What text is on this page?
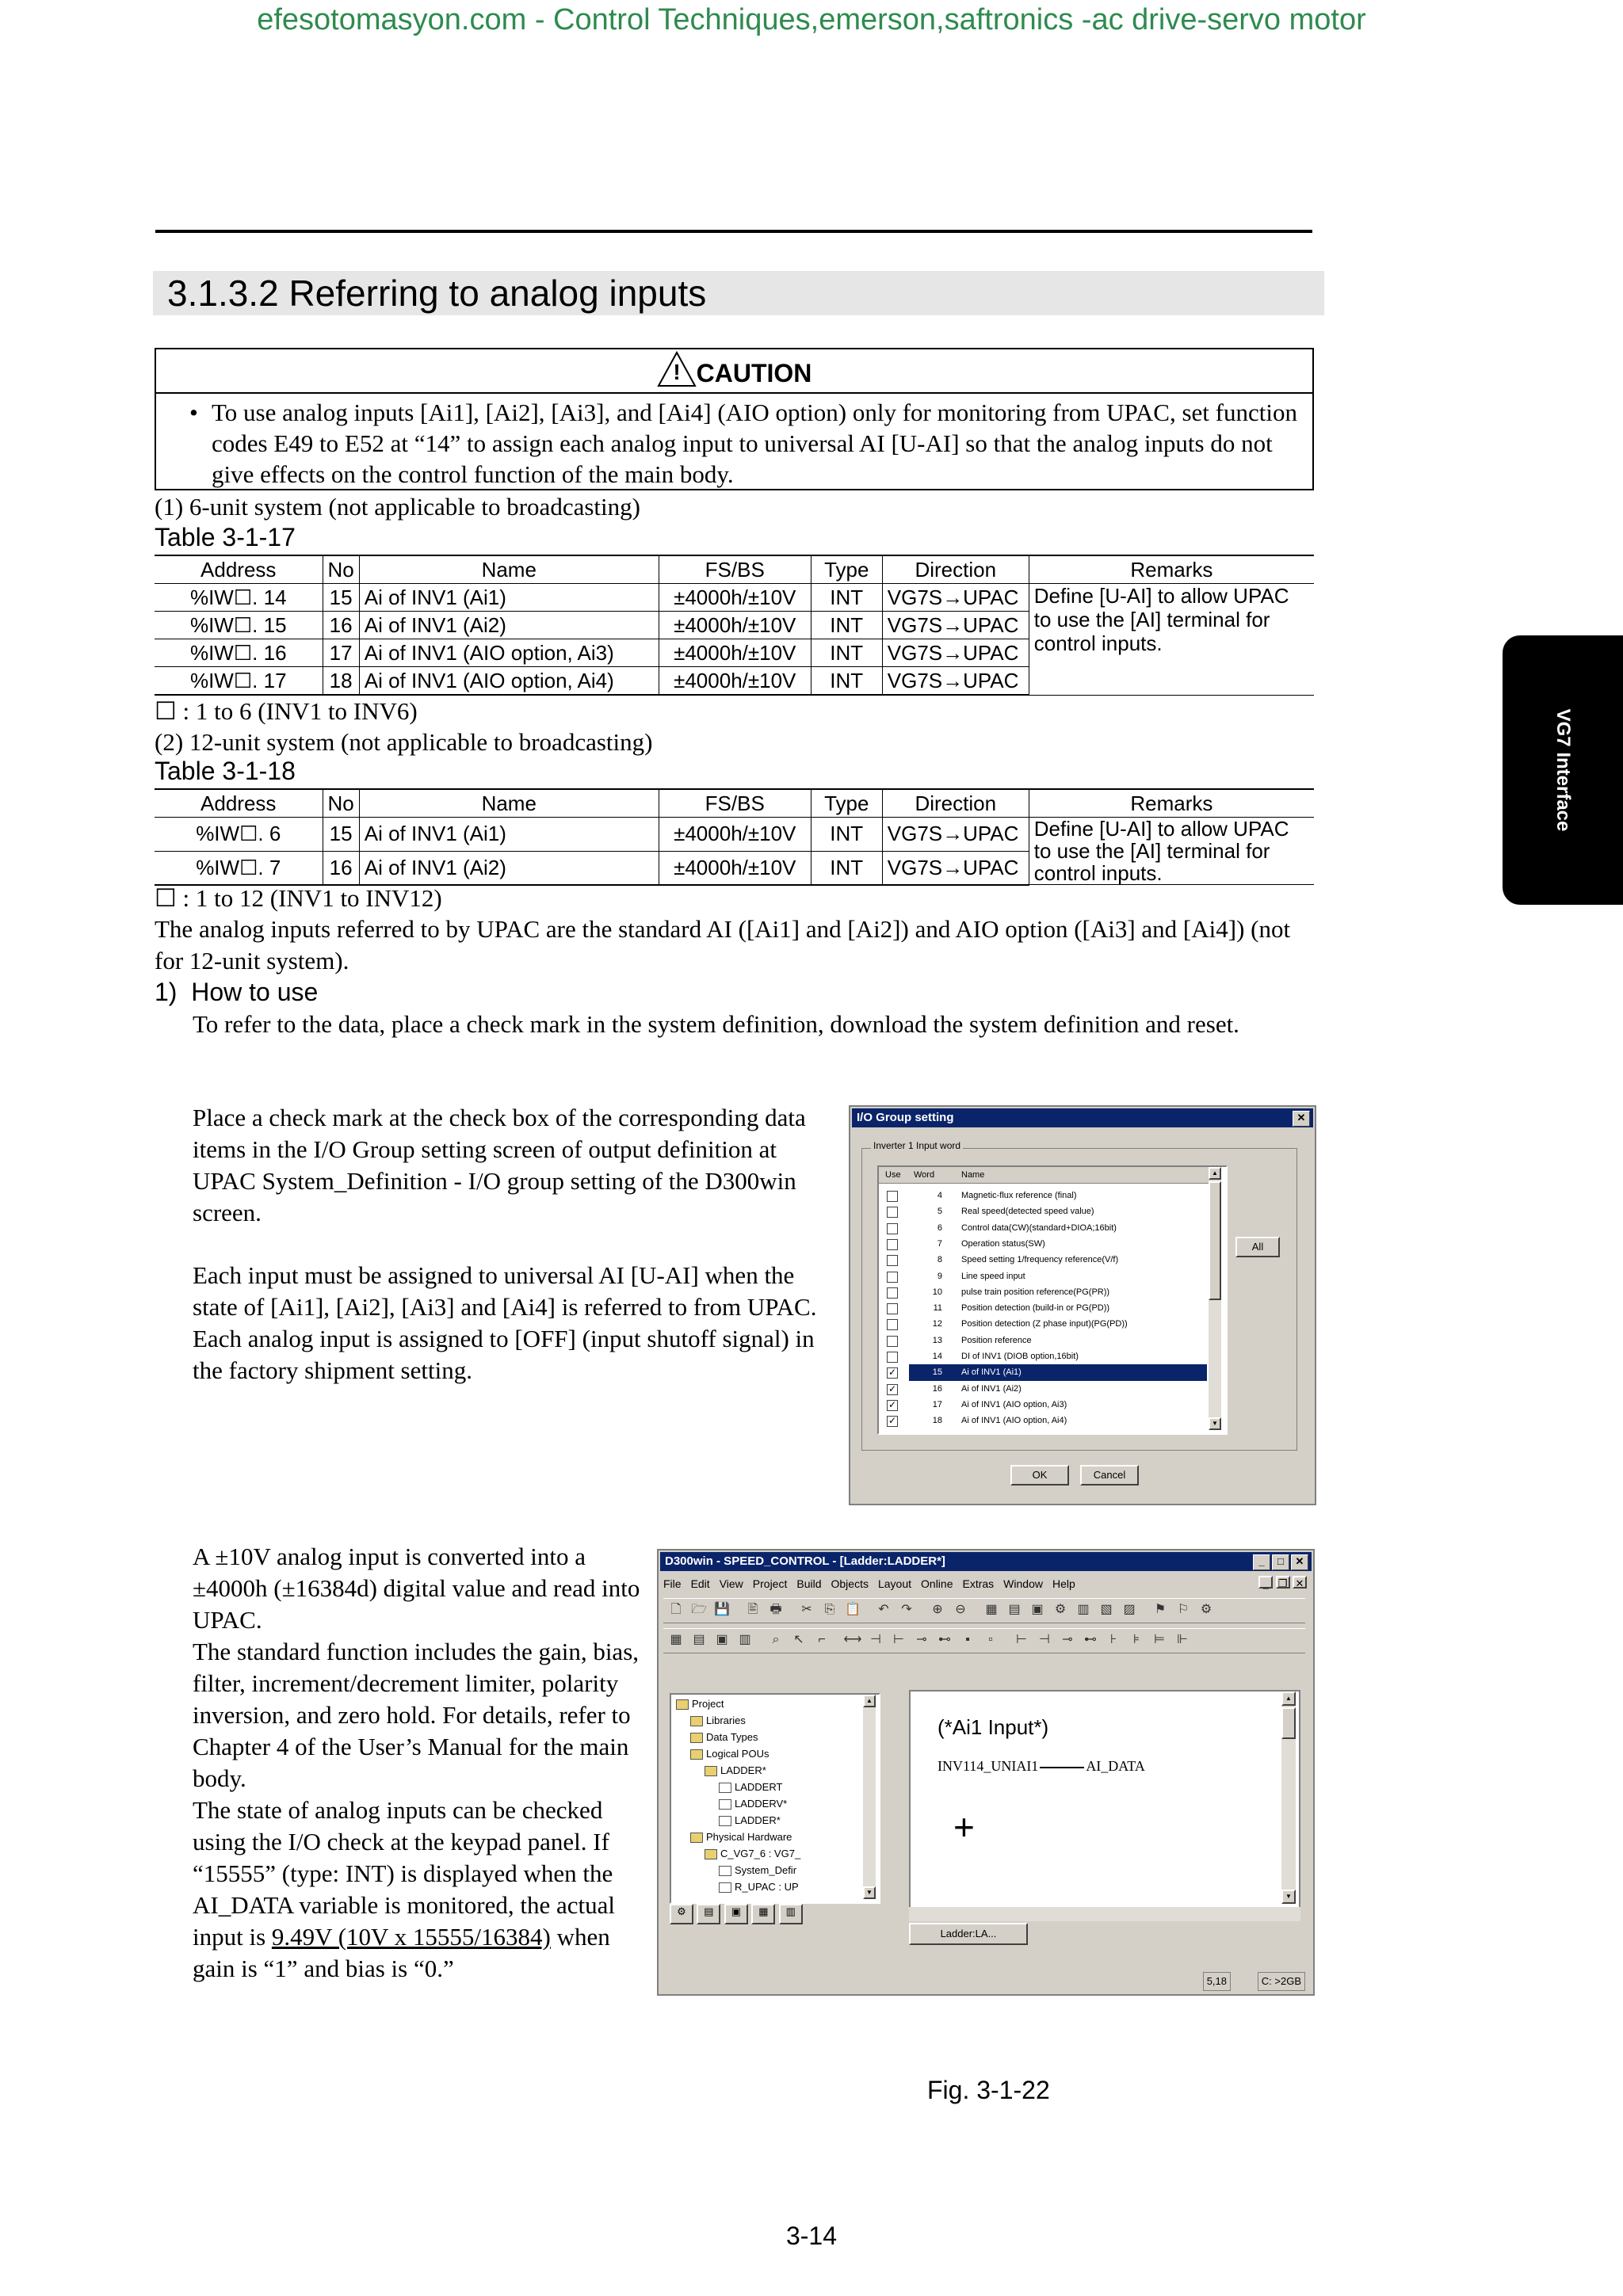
efesotomasyon.com - Control Techniques,emerson,saftronics -ac drive-servo motor
3.1.3.2 Referring to analog inputs
VG7 Interface
! CAUTION
• To use analog inputs [Ai1], [Ai2], [Ai3], and [Ai4] (AIO option) only for monitoring from UPAC, set function codes E49 to E52 at “14” to assign each analog input to universal AI [U-AI] so that the analog inputs do not give effects on the control function of the main body.
(1) 6-unit system (not applicable to broadcasting)
Table 3-1-17
Address	No	Name	FS/BS	Type	Direction	Remarks
%IW☐. 14	15	Ai of INV1 (Ai1)	±4000h/±10V	INT	VG7S→UPAC	Define [U-AI] to allow UPAC to use the [AI] terminal for control inputs.
%IW☐. 15	16	Ai of INV1 (Ai2)	±4000h/±10V	INT	VG7S→UPAC	
%IW☐. 16	17	Ai of INV1 (AIO option, Ai3)	±4000h/±10V	INT	VG7S→UPAC	
%IW☐. 17	18	Ai of INV1 (AIO option, Ai4)	±4000h/±10V	INT	VG7S→UPAC	
☐ : 1 to 6 (INV1 to INV6)
(2) 12-unit system (not applicable to broadcasting)
Table 3-1-18
Address	No	Name	FS/BS	Type	Direction	Remarks
%IW☐. 6	15	Ai of INV1 (Ai1)	±4000h/±10V	INT	VG7S→UPAC	Define [U-AI] to allow UPAC to use the [AI] terminal for control inputs.
%IW☐. 7	16	Ai of INV1 (Ai2)	±4000h/±10V	INT	VG7S→UPAC	
☐ : 1 to 12 (INV1 to INV12)
The analog inputs referred to by UPAC are the standard AI ([Ai1] and [Ai2]) and AIO option ([Ai3] and [Ai4]) (not for 12-unit system).
1)  How to use
To refer to the data, place a check mark in the system definition, download the system definition and reset.
Place a check mark at the check box of the corresponding data items in the I/O Group setting screen of output definition at UPAC System_Definition - I/O group setting of the D300win screen.
Each input must be assigned to universal AI [U-AI] when the state of [Ai1], [Ai2], [Ai3] and [Ai4] is referred to from UPAC.
Each analog input is assigned to [OFF] (input shutoff signal) in the factory shipment setting.
A ±10V analog input is converted into a ±4000h (±16384d) digital value and read into UPAC.
The standard function includes the gain, bias, filter, increment/decrement limiter, polarity inversion, and zero hold. For details, refer to Chapter 4 of the User’s Manual for the main body.
The state of analog inputs can be checked using the I/O check at the keypad panel. If “15555” (type: INT) is displayed when the AI_DATA variable is monitored, the actual input is 9.49V (10V x 15555/16384) when gain is “1” and bias is “0.”
I/O Group setting	✕
Inverter 1 Input word
Use Word	Name
4 Magnetic-flux reference (final)
5 Real speed(detected speed value)
6 Control data(CW)(standard+DIOA;16bit)
7 Operation status(SW)
8 Speed setting 1/frequency reference(V/f)
9 Line speed input
10 pulse train position reference(PG(PR))
11 Position detection (build-in or PG(PD))
12 Position detection (Z phase input)(PG(PD))
13 Position reference
14 DI of INV1 (DIOB option,16bit)
✓	15 Ai of INV1 (Ai1)
✓	16 Ai of INV1 (Ai2)
✓	17 Ai of INV1 (AIO option, Ai3)
✓	18 Ai of INV1 (AIO option, Ai4)
▲
▼
All
OK	Cancel
D300win - SPEED_CONTROL - [Ladder:LADDER*]	_	□	✕
File Edit View Project Build Objects Layout Online Extras Window Help	_ ❐ ✕
🗋 🗁 💾	🖹 🖶	✂ ⎘ 📋	↶ ↷	⊕ ⊖	▦ ▤ ▣ ⚙ ▥ ▧ ▨	⚑ ⚐ ⚙
▦ ▤ ▣ ▥	⌕	↖	⌐	⟷ ⊣ ⊢ ⊸ ⊷	▪	▫	⊢ ⊣ ⊸ ⊷	⊦	⊧	⊨ ⊩
Project
Libraries
Data Types
Logical POUs
LADDER*
LADDERT
LADDERV*
LADDER*
Physical Hardware
C_VG7_6 : VG7_
System_Defir
R_UPAC : UP
▲
▼
⚙ ▤ ▣ ▦ ▥
(*Ai1 Input*)
INV114_UNIAI1	AI_DATA
+
▲
▼
Ladder:LA...
5,18	C: >2GB
Fig. 3-1-22
3-14
